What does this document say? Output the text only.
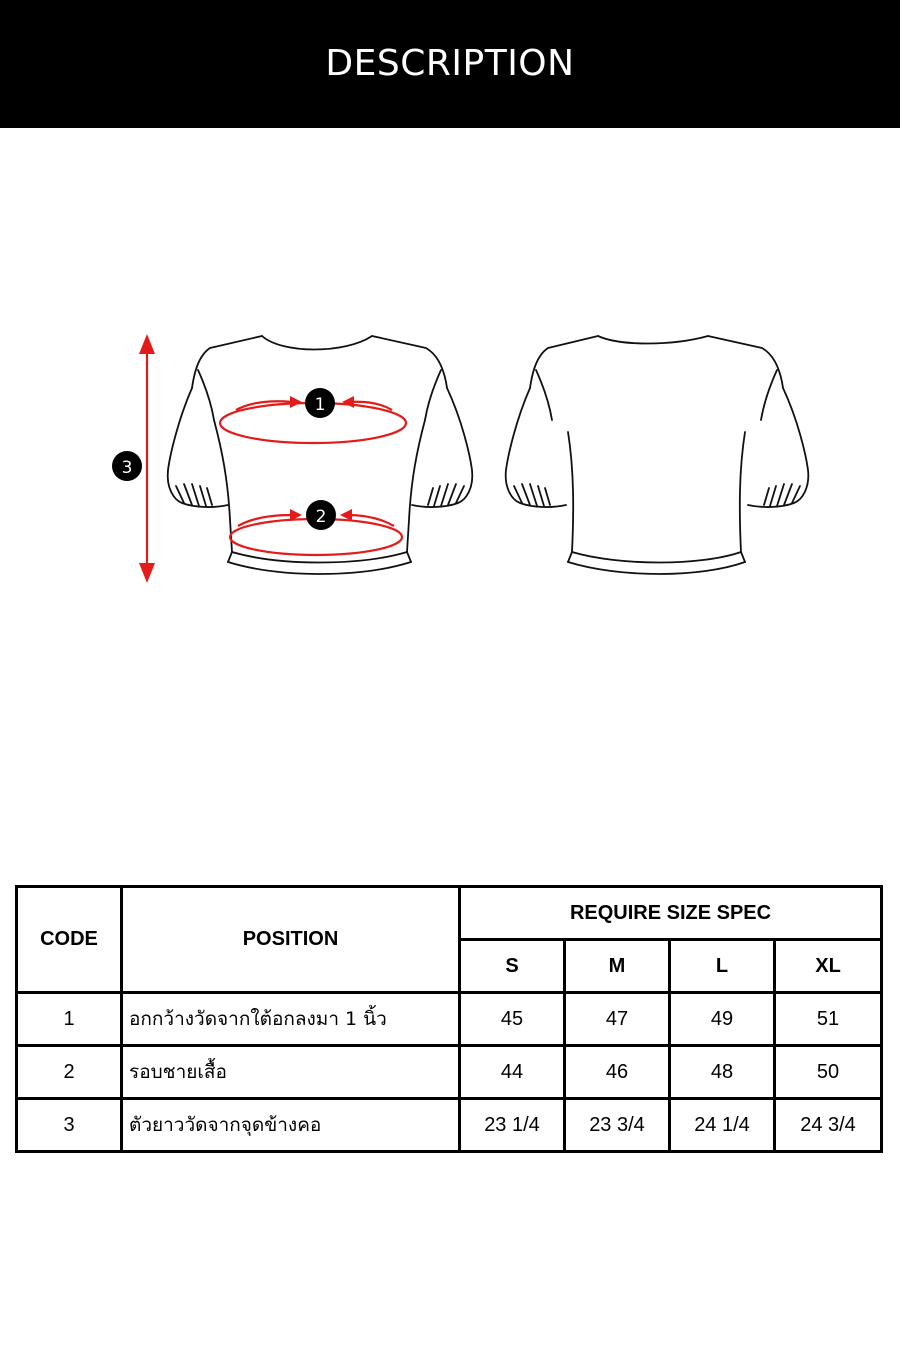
DESCRIPTION
1
2
3
CODE	POSITION	REQUIRE SIZE SPEC			
		S	M	L	XL
1	อกกว้างวัดจากใต้อกลงมา 1 นิ้ว	45	47	49	51
2	รอบชายเสื้อ	44	46	48	50
3	ตัวยาววัดจากจุดข้างคอ	23 1/4	23 3/4	24 1/4	24 3/4
